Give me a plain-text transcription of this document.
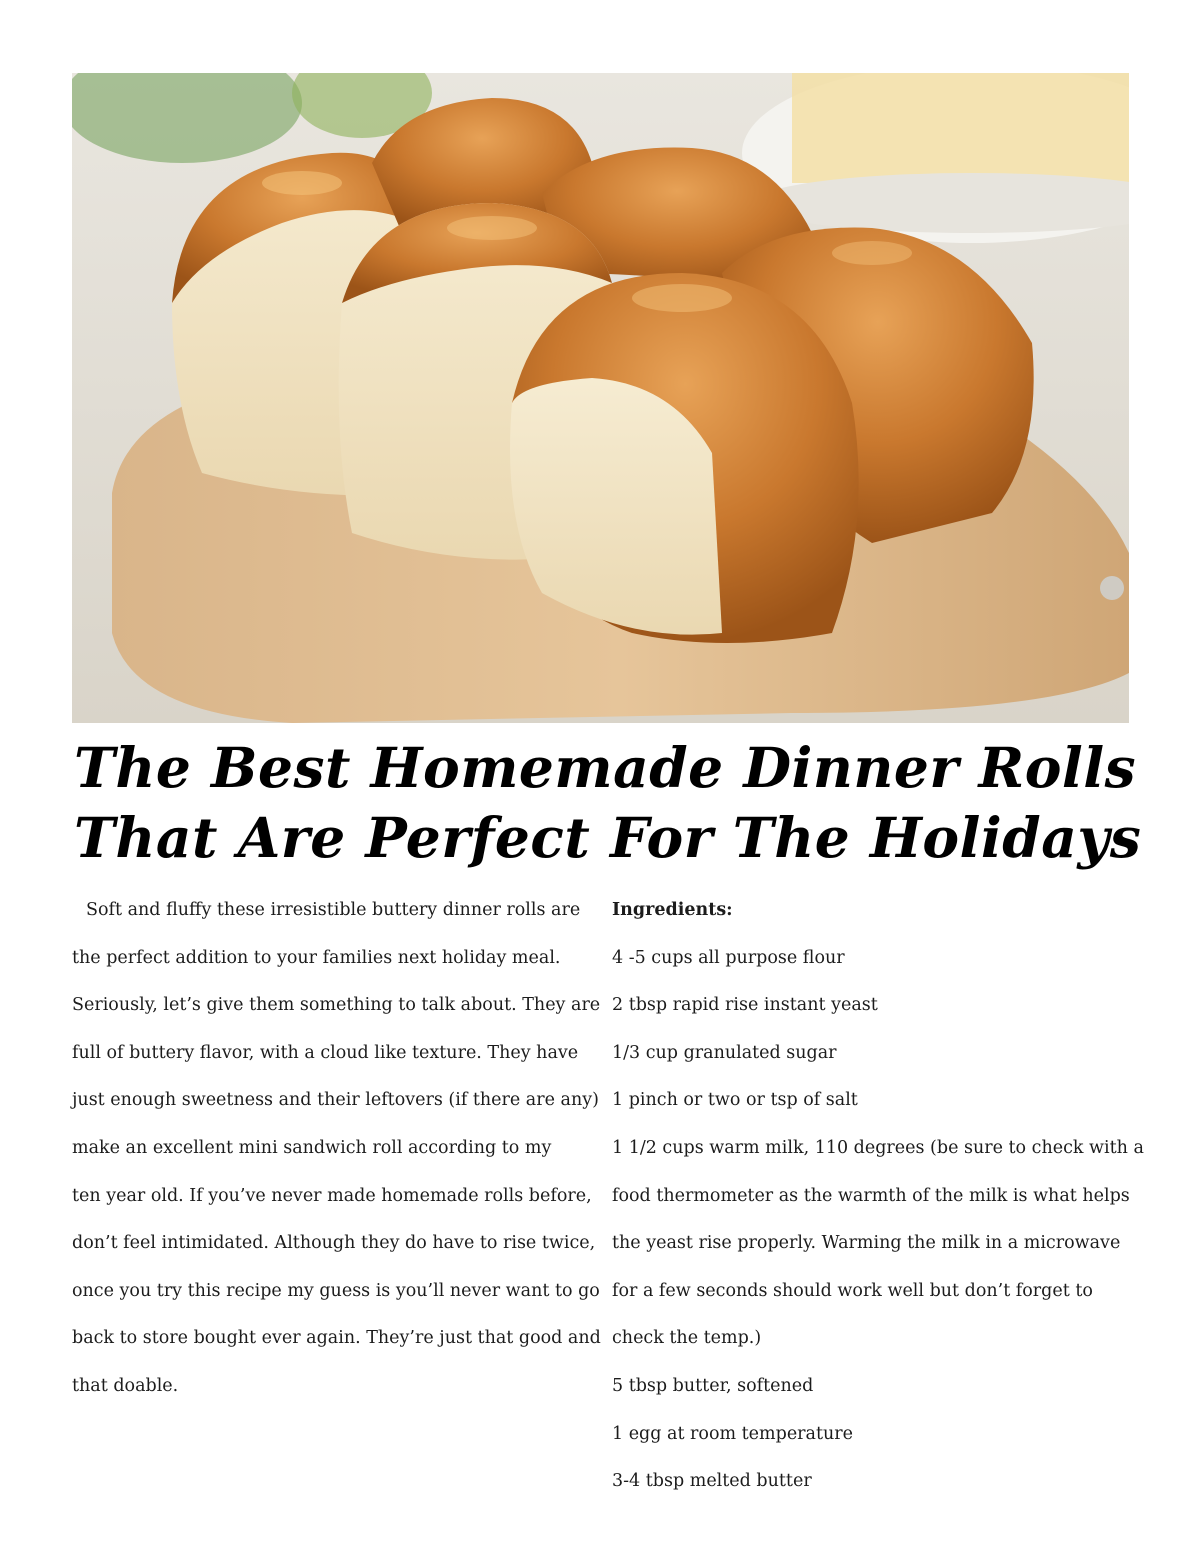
The Best Homemade Dinner Rolls
That Are Perfect For The Holidays
Soft and fluffy these irresistible buttery dinner rolls are
the perfect addition to your families next holiday meal.
Seriously, let’s give them something to talk about. They are
full of buttery flavor, with a cloud like texture. They have
just enough sweetness and their leftovers (if there are any)
make an excellent mini sandwich roll according to my
ten year old. If you’ve never made homemade rolls before,
don’t feel intimidated. Although they do have to rise twice,
once you try this recipe my guess is you’ll never want to go
back to store bought ever again. They’re just that good and
that doable.
Ingredients:
4 -5 cups all purpose flour
2 tbsp rapid rise instant yeast
1/3 cup granulated sugar
1 pinch or two or tsp of salt
1 1/2 cups warm milk, 110 degrees (be sure to check with a
food thermometer as the warmth of the milk is what helps
the yeast rise properly. Warming the milk in a microwave
for a few seconds should work well but don’t forget to
check the temp.)
5 tbsp butter, softened
1 egg at room temperature
3-4 tbsp melted butter
